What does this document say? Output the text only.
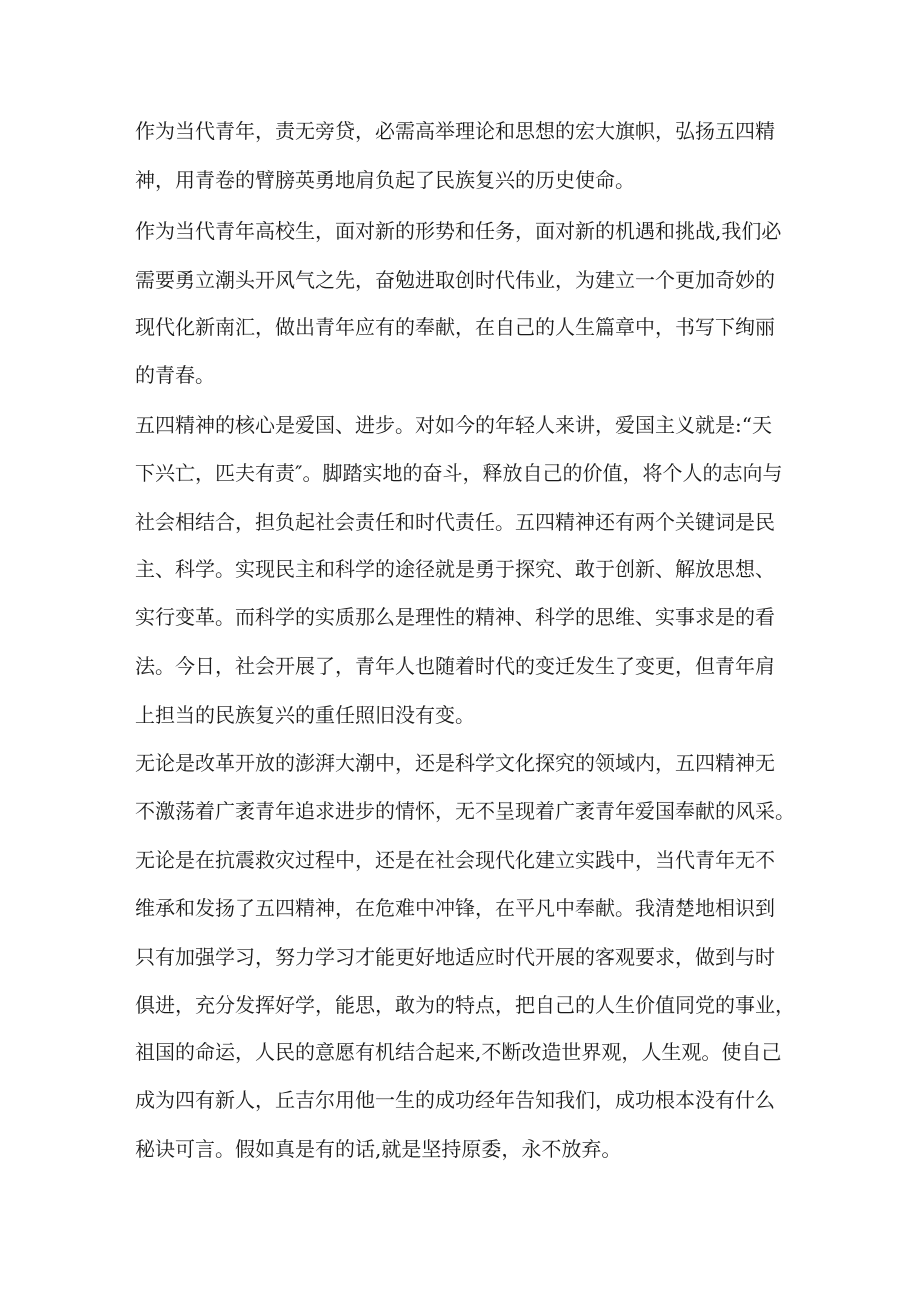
作为当代青年，责无旁贷，必需高举理论和思想的宏大旗帜，弘扬五四精
神，用青卷的臂膀英勇地肩负起了民族复兴的历史使命。
作为当代青年高校生，面对新的形势和任务，面对新的机遇和挑战,我们必
需要勇立潮头开风气之先，奋勉进取创时代伟业，为建立一个更加奇妙的
现代化新南汇，做出青年应有的奉献，在自己的人生篇章中，书写下绚丽
的青春。
五四精神的核心是爱国、进步。对如今的年轻人来讲，爱国主义就是:“天
下兴亡，匹夫有责″。脚踏实地的奋斗，释放自己的价值，将个人的志向与
社会相结合，担负起社会责任和时代责任。五四精神还有两个关键词是民
主、科学。实现民主和科学的途径就是勇于探究、敢于创新、解放思想、
实行变革。而科学的实质那么是理性的精神、科学的思维、实事求是的看
法。今日，社会开展了，青年人也随着时代的变迁发生了变更，但青年肩
上担当的民族复兴的重任照旧没有变。
无论是改革开放的澎湃大潮中，还是科学文化探究的领域内，五四精神无
不激荡着广袤青年追求进步的情怀，无不呈现着广袤青年爱国奉献的风采。
无论是在抗震救灾过程中，还是在社会现代化建立实践中，当代青年无不
维承和发扬了五四精神，在危难中冲锋，在平凡中奉献。我清楚地相识到
只有加强学习，努力学习才能更好地适应时代开展的客观要求，做到与时
俱进，充分发挥好学，能思，敢为的特点，把自己的人生价值同党的事业，
祖国的命运，人民的意愿有机结合起来,不断改造世界观，人生观。使自己
成为四有新人，丘吉尔用他一生的成功经年告知我们，成功根本没有什么
秘诀可言。假如真是有的话,就是坚持原委，永不放弃。
